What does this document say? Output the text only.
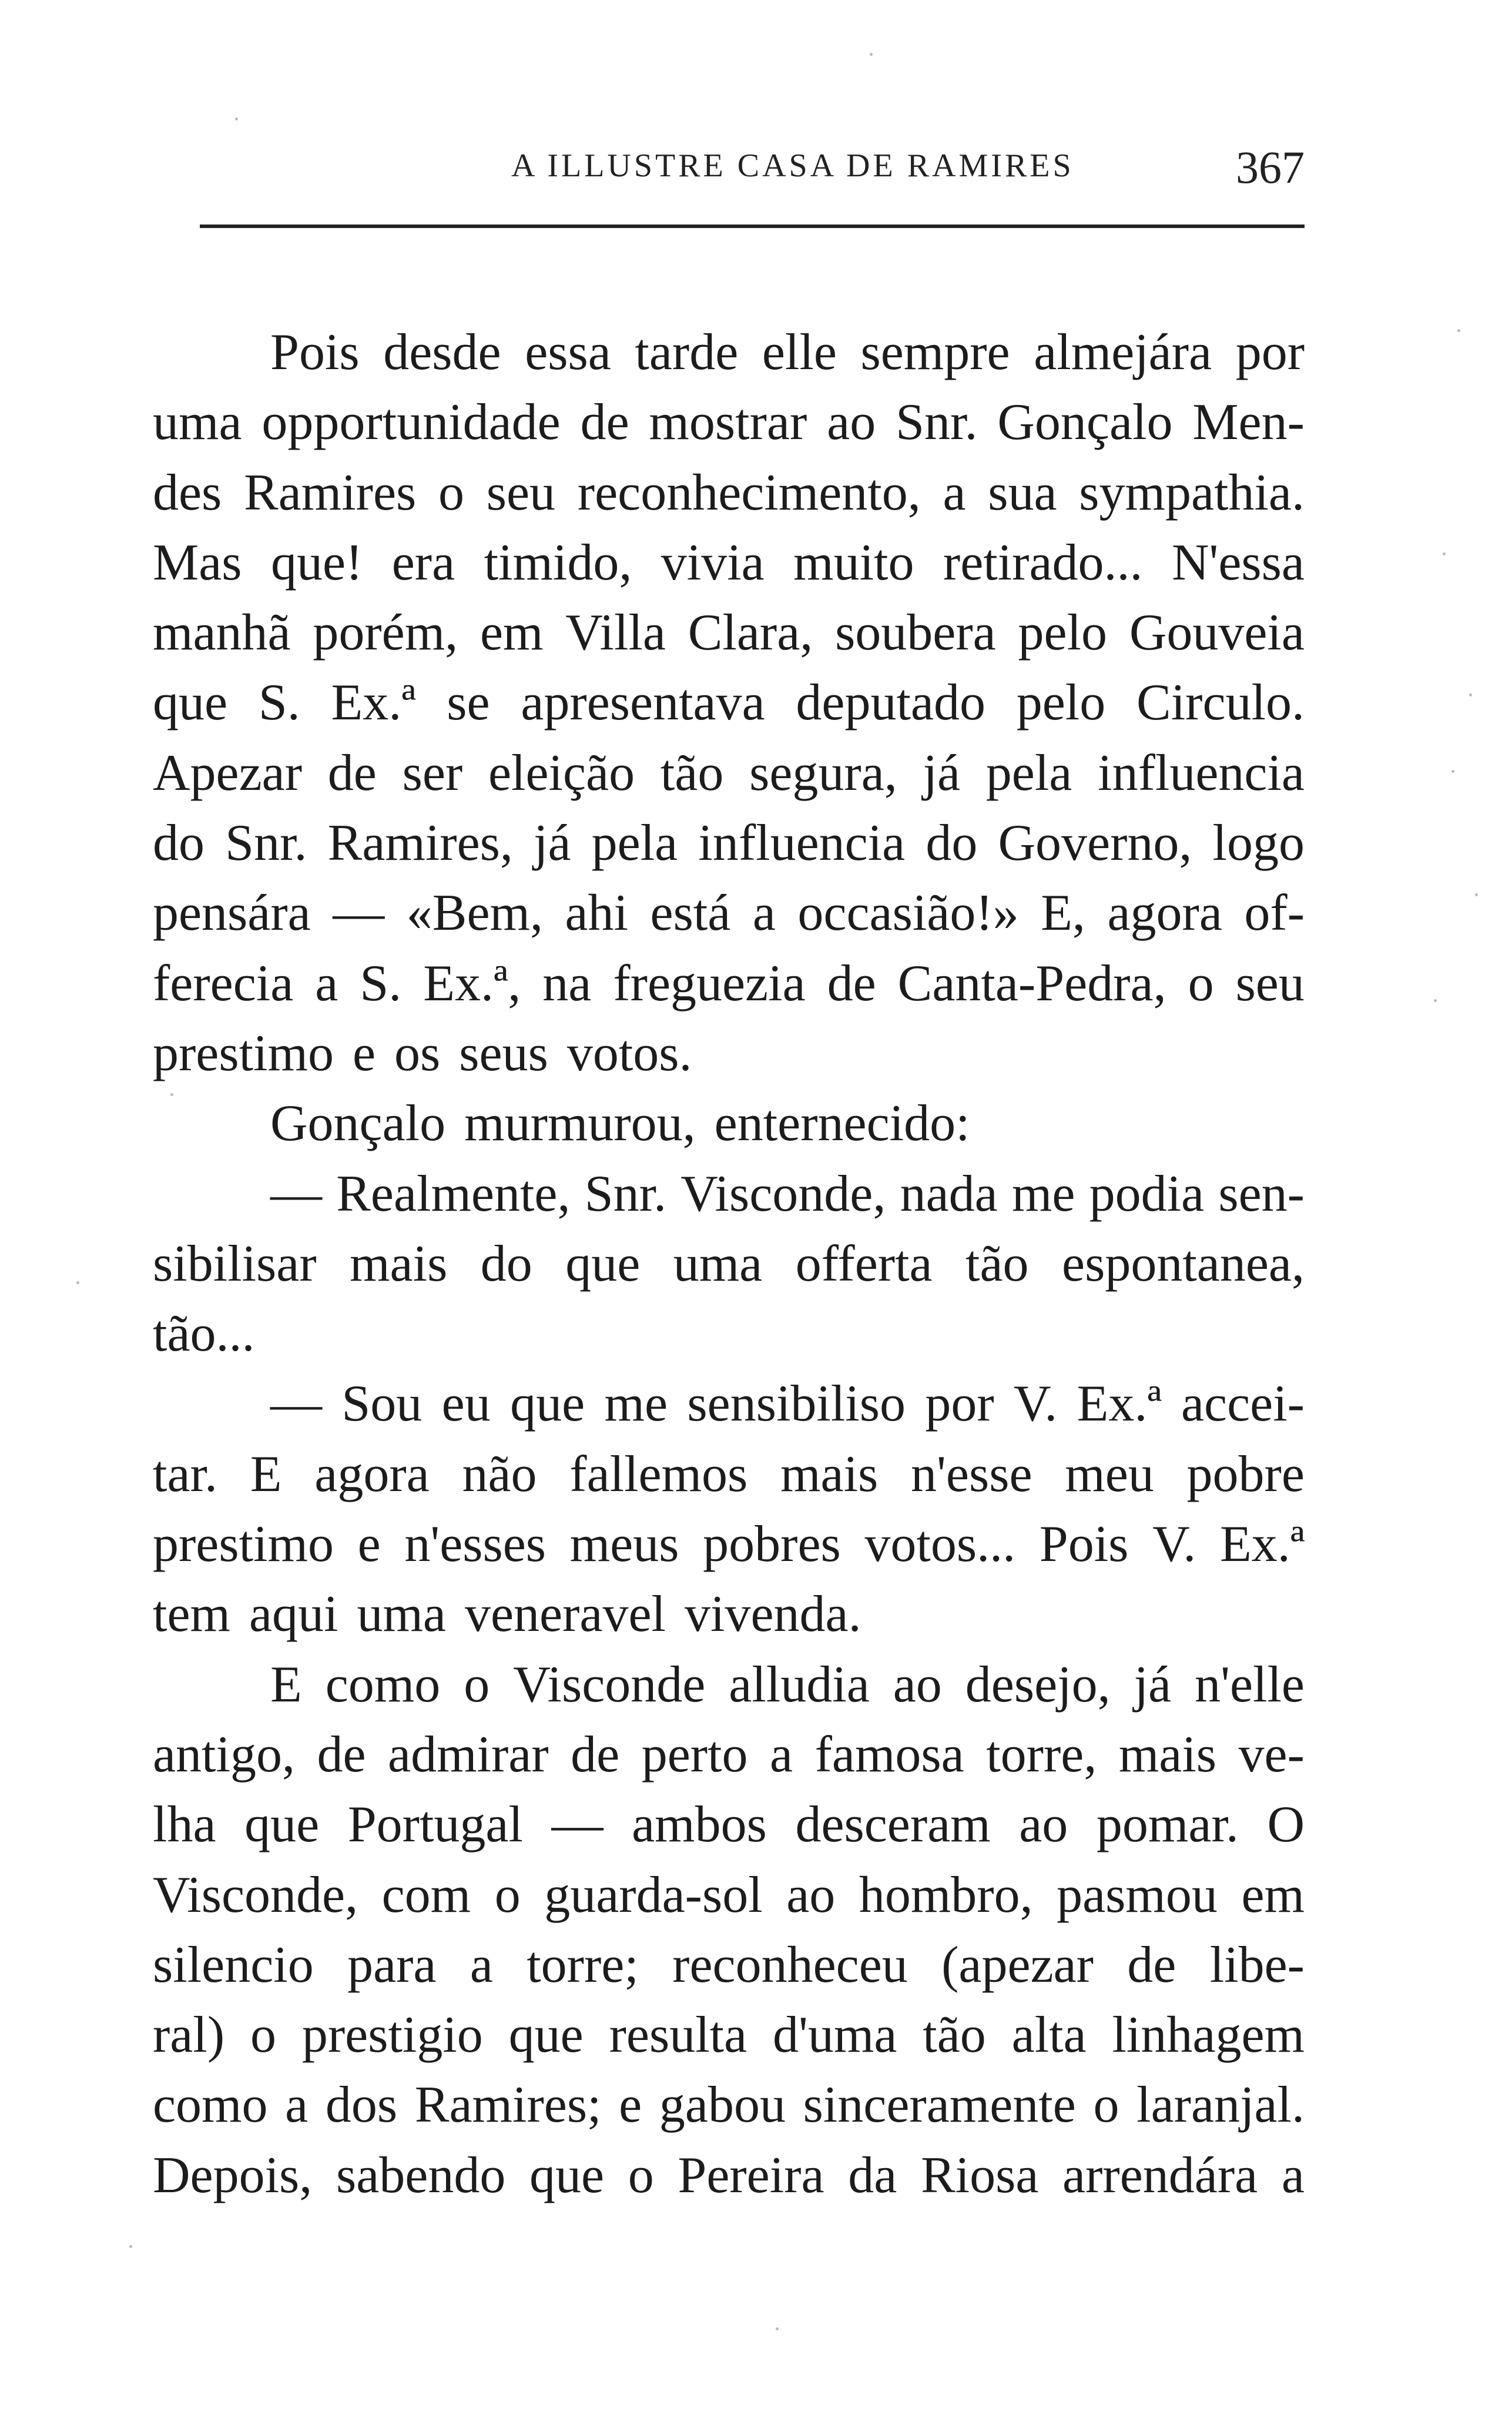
A ILLUSTRE CASA DE RAMIRES	367
Pois desde essa tarde elle sempre almejára por
uma opportunidade de mostrar ao Snr. Gonçalo Men-
des Ramires o seu reconhecimento, a sua sympathia.
Mas que! era timido, vivia muito retirado... N'essa
manhã porém, em Villa Clara, soubera pelo Gouveia
que S. Ex.ª se apresentava deputado pelo Circulo.
Apezar de ser eleição tão segura, já pela influencia
do Snr. Ramires, já pela influencia do Governo, logo
pensára — «Bem, ahi está a occasião!» E, agora of-
ferecia a S. Ex.ª, na freguezia de Canta-Pedra, o seu
prestimo e os seus votos.
Gonçalo murmurou, enternecido:
— Realmente, Snr. Visconde, nada me podia sen-
sibilisar mais do que uma offerta tão espontanea,
tão...
— Sou eu que me sensibiliso por V. Ex.ª accei-
tar. E agora não fallemos mais n'esse meu pobre
prestimo e n'esses meus pobres votos... Pois V. Ex.ª
tem aqui uma veneravel vivenda.
E como o Visconde alludia ao desejo, já n'elle
antigo, de admirar de perto a famosa torre, mais ve-
lha que Portugal — ambos desceram ao pomar. O
Visconde, com o guarda-sol ao hombro, pasmou em
silencio para a torre; reconheceu (apezar de libe-
ral) o prestigio que resulta d'uma tão alta linhagem
como a dos Ramires; e gabou sinceramente o laranjal.
Depois, sabendo que o Pereira da Riosa arrendára a
